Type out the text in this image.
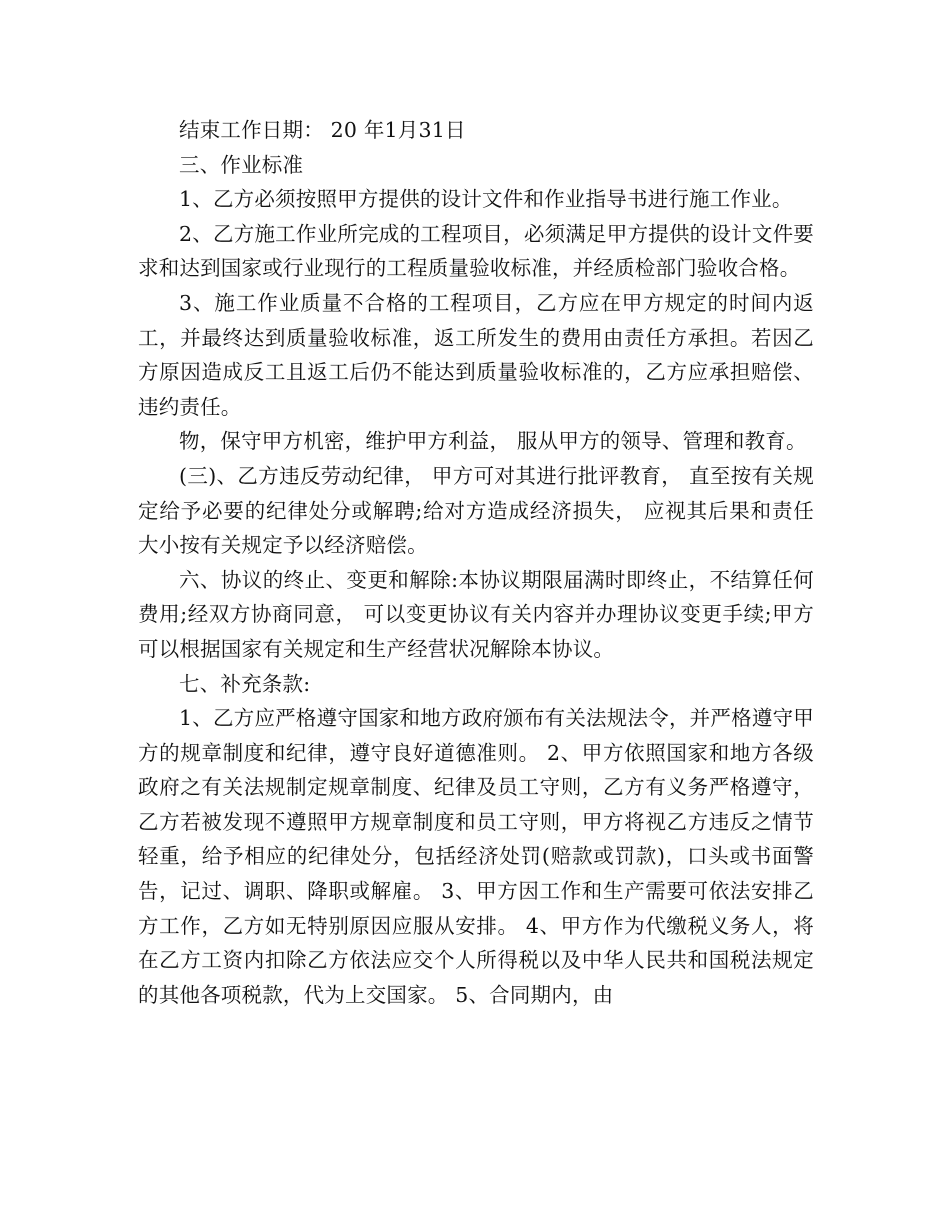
结束工作日期： 20 年1月31日

三、作业标准

1、乙方必须按照甲方提供的设计文件和作业指导书进行施工作业。

2、乙方施工作业所完成的工程项目，必须满足甲方提供的设计文件要求和达到国家或行业现行的工程质量验收标准，并经质检部门验收合格。

3、施工作业质量不合格的工程项目，乙方应在甲方规定的时间内返工，并最终达到质量验收标准，返工所发生的费用由责任方承担。若因乙方原因造成反工且返工后仍不能达到质量验收标准的，乙方应承担赔偿、违约责任。

物，保守甲方机密，维护甲方利益， 服从甲方的领导、管理和教育。

(三)、乙方违反劳动纪律， 甲方可对其进行批评教育， 直至按有关规定给予必要的纪律处分或解聘;给对方造成经济损失， 应视其后果和责任大小按有关规定予以经济赔偿。

六、协议的终止、变更和解除:本协议期限届满时即终止，不结算任何费用;经双方协商同意， 可以变更协议有关内容并办理协议变更手续;甲方可以根据国家有关规定和生产经营状况解除本协议。

七、补充条款:

1、乙方应严格遵守国家和地方政府颁布有关法规法令，并严格遵守甲方的规章制度和纪律，遵守良好道德准则。 2、甲方依照国家和地方各级政府之有关法规制定规章制度、纪律及员工守则，乙方有义务严格遵守，乙方若被发现不遵照甲方规章制度和员工守则，甲方将视乙方违反之情节轻重，给予相应的纪律处分，包括经济处罚(赔款或罚款)，口头或书面警告，记过、调职、降职或解雇。 3、甲方因工作和生产需要可依法安排乙方工作，乙方如无特别原因应服从安排。 4、甲方作为代缴税义务人，将在乙方工资内扣除乙方依法应交个人所得税以及中华人民共和国税法规定的其他各项税款，代为上交国家。 5、合同期内，由
